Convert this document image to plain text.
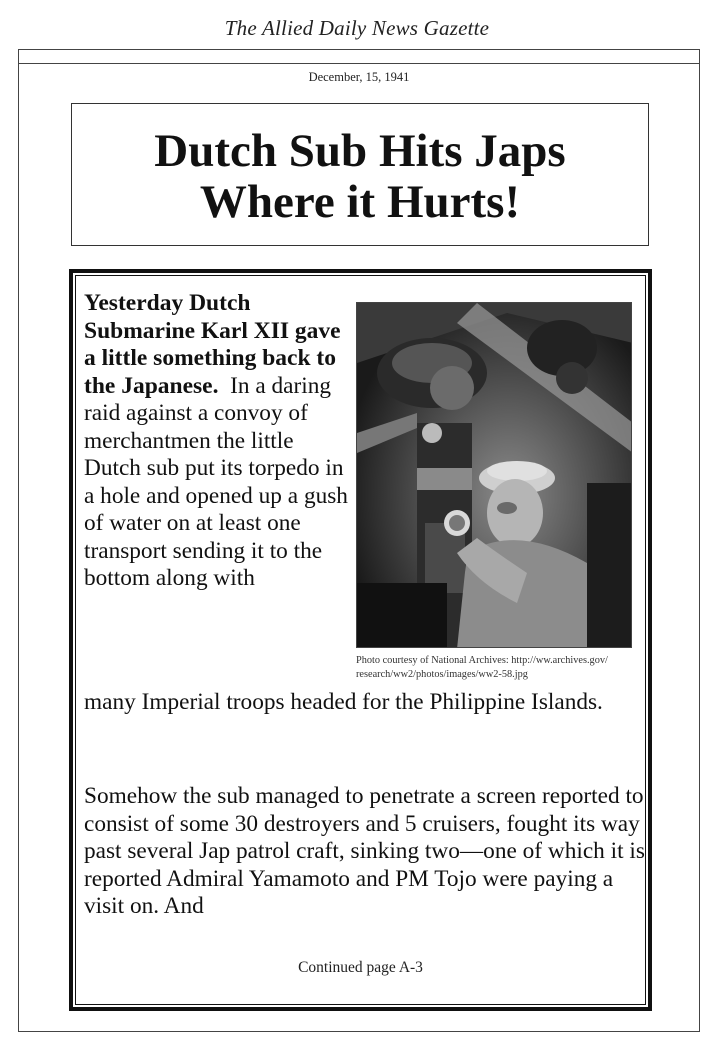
The Allied Daily News Gazette
December, 15, 1941
Dutch Sub Hits Japs
Where it Hurts!
Yesterday Dutch Submarine Karl XII gave a little something back to the Japanese. In a daring raid against a convoy of merchantmen the little Dutch sub put its torpedo in a hole and opened up a gush of water on at least one transport sending it to the bottom along with
Photo courtesy of National Archives: http://ww.archives.gov/ research/ww2/photos/images/ww2-58.jpg

many Imperial troops headed for the Philippine Islands.

Somehow the sub managed to penetrate a screen reported to consist of some 30 destroyers and 5 cruisers, fought its way past several Jap patrol craft, sinking two—one of which it is reported Admiral Yamamoto and PM Tojo were paying a visit on. And

Continued page A-3
